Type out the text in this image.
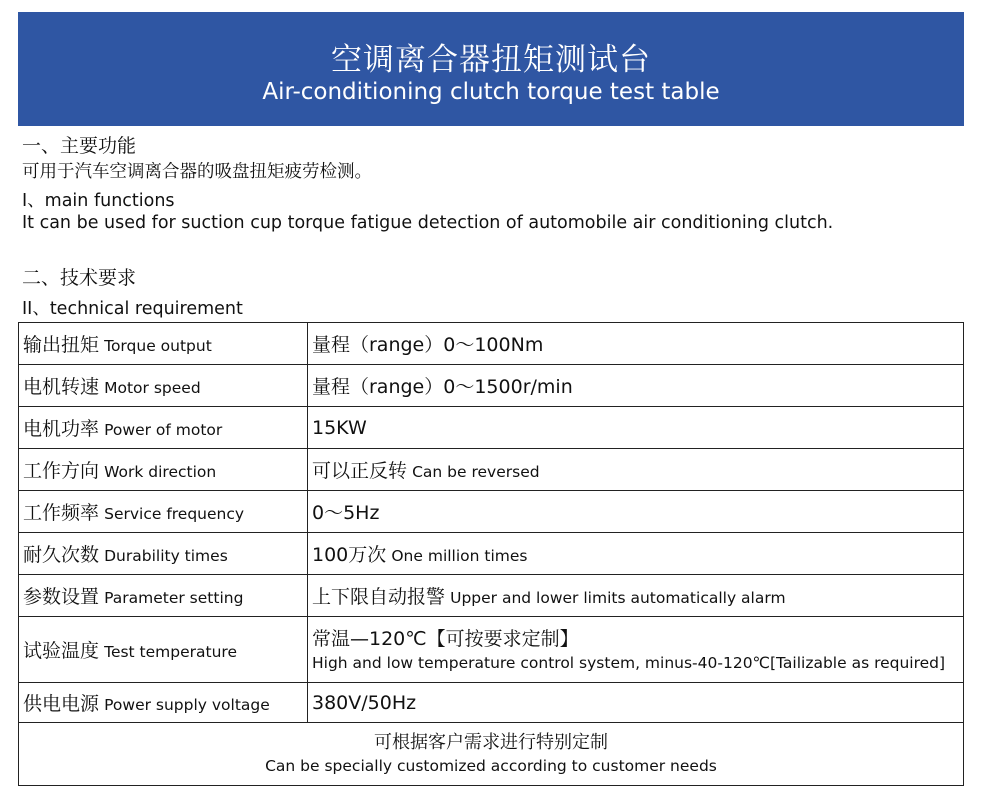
空调离合器扭矩测试台
Air-conditioning clutch torque test table
一、主要功能
可用于汽车空调离合器的吸盘扭矩疲劳检测。
I、main functions
It can be used for suction cup torque fatigue detection of automobile air conditioning clutch.
二、技术要求
II、technical requirement
输出扭矩 Torque output	量程（range）0～100Nm
电机转速 Motor speed	量程（range）0～1500r/min
电机功率 Power of motor	15KW
工作方向 Work direction	可以正反转 Can be reversed
工作频率 Service frequency	0～5Hz
耐久次数 Durability times	100万次 One million times
参数设置 Parameter setting	上下限自动报警 Upper and lower limits automatically alarm
试验温度 Test temperature	常温—120℃【可按要求定制】
High and low temperature control system, minus-40-120℃[Tailizable as required]

供电电源 Power supply voltage	380V/50Hz

可根据客户需求进行特别定制
Can be specially customized according to customer needs	
